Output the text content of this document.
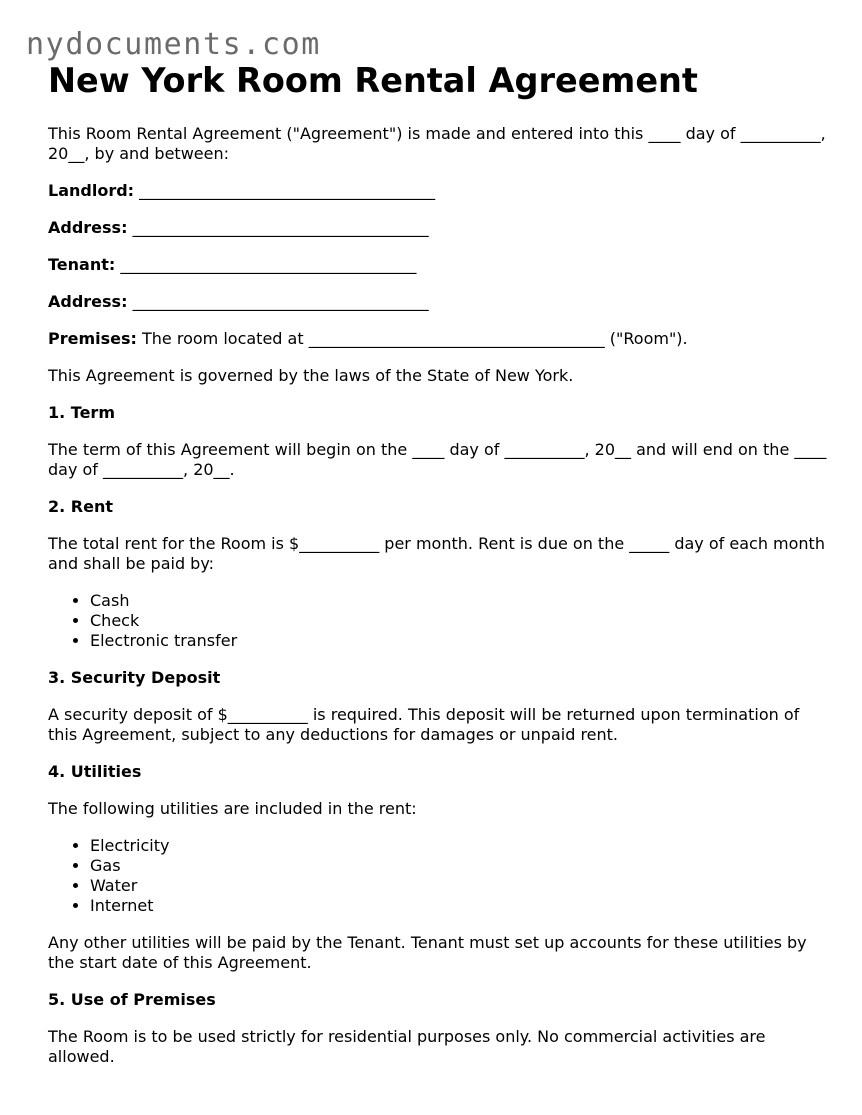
nydocuments.com
New York Room Rental Agreement

This Room Rental Agreement ("Agreement") is made and entered into this ____ day of __________, 20__, by and between:

Landlord: _____________________________________

Address: _____________________________________

Tenant: _____________________________________

Address: _____________________________________

Premises: The room located at _____________________________________ ("Room").

This Agreement is governed by the laws of the State of New York.

1. Term

The term of this Agreement will begin on the ____ day of __________, 20__ and will end on the ____ day of __________, 20__.

2. Rent

The total rent for the Room is $__________ per month. Rent is due on the _____ day of each month and shall be paid by:

• Cash
• Check
• Electronic transfer
3. Security Deposit

A security deposit of $__________ is required. This deposit will be returned upon termination of this Agreement, subject to any deductions for damages or unpaid rent.

4. Utilities

The following utilities are included in the rent:

• Electricity
• Gas
• Water
• Internet

Any other utilities will be paid by the Tenant. Tenant must set up accounts for these utilities by the start date of this Agreement.

5. Use of Premises

The Room is to be used strictly for residential purposes only. No commercial activities are allowed.
